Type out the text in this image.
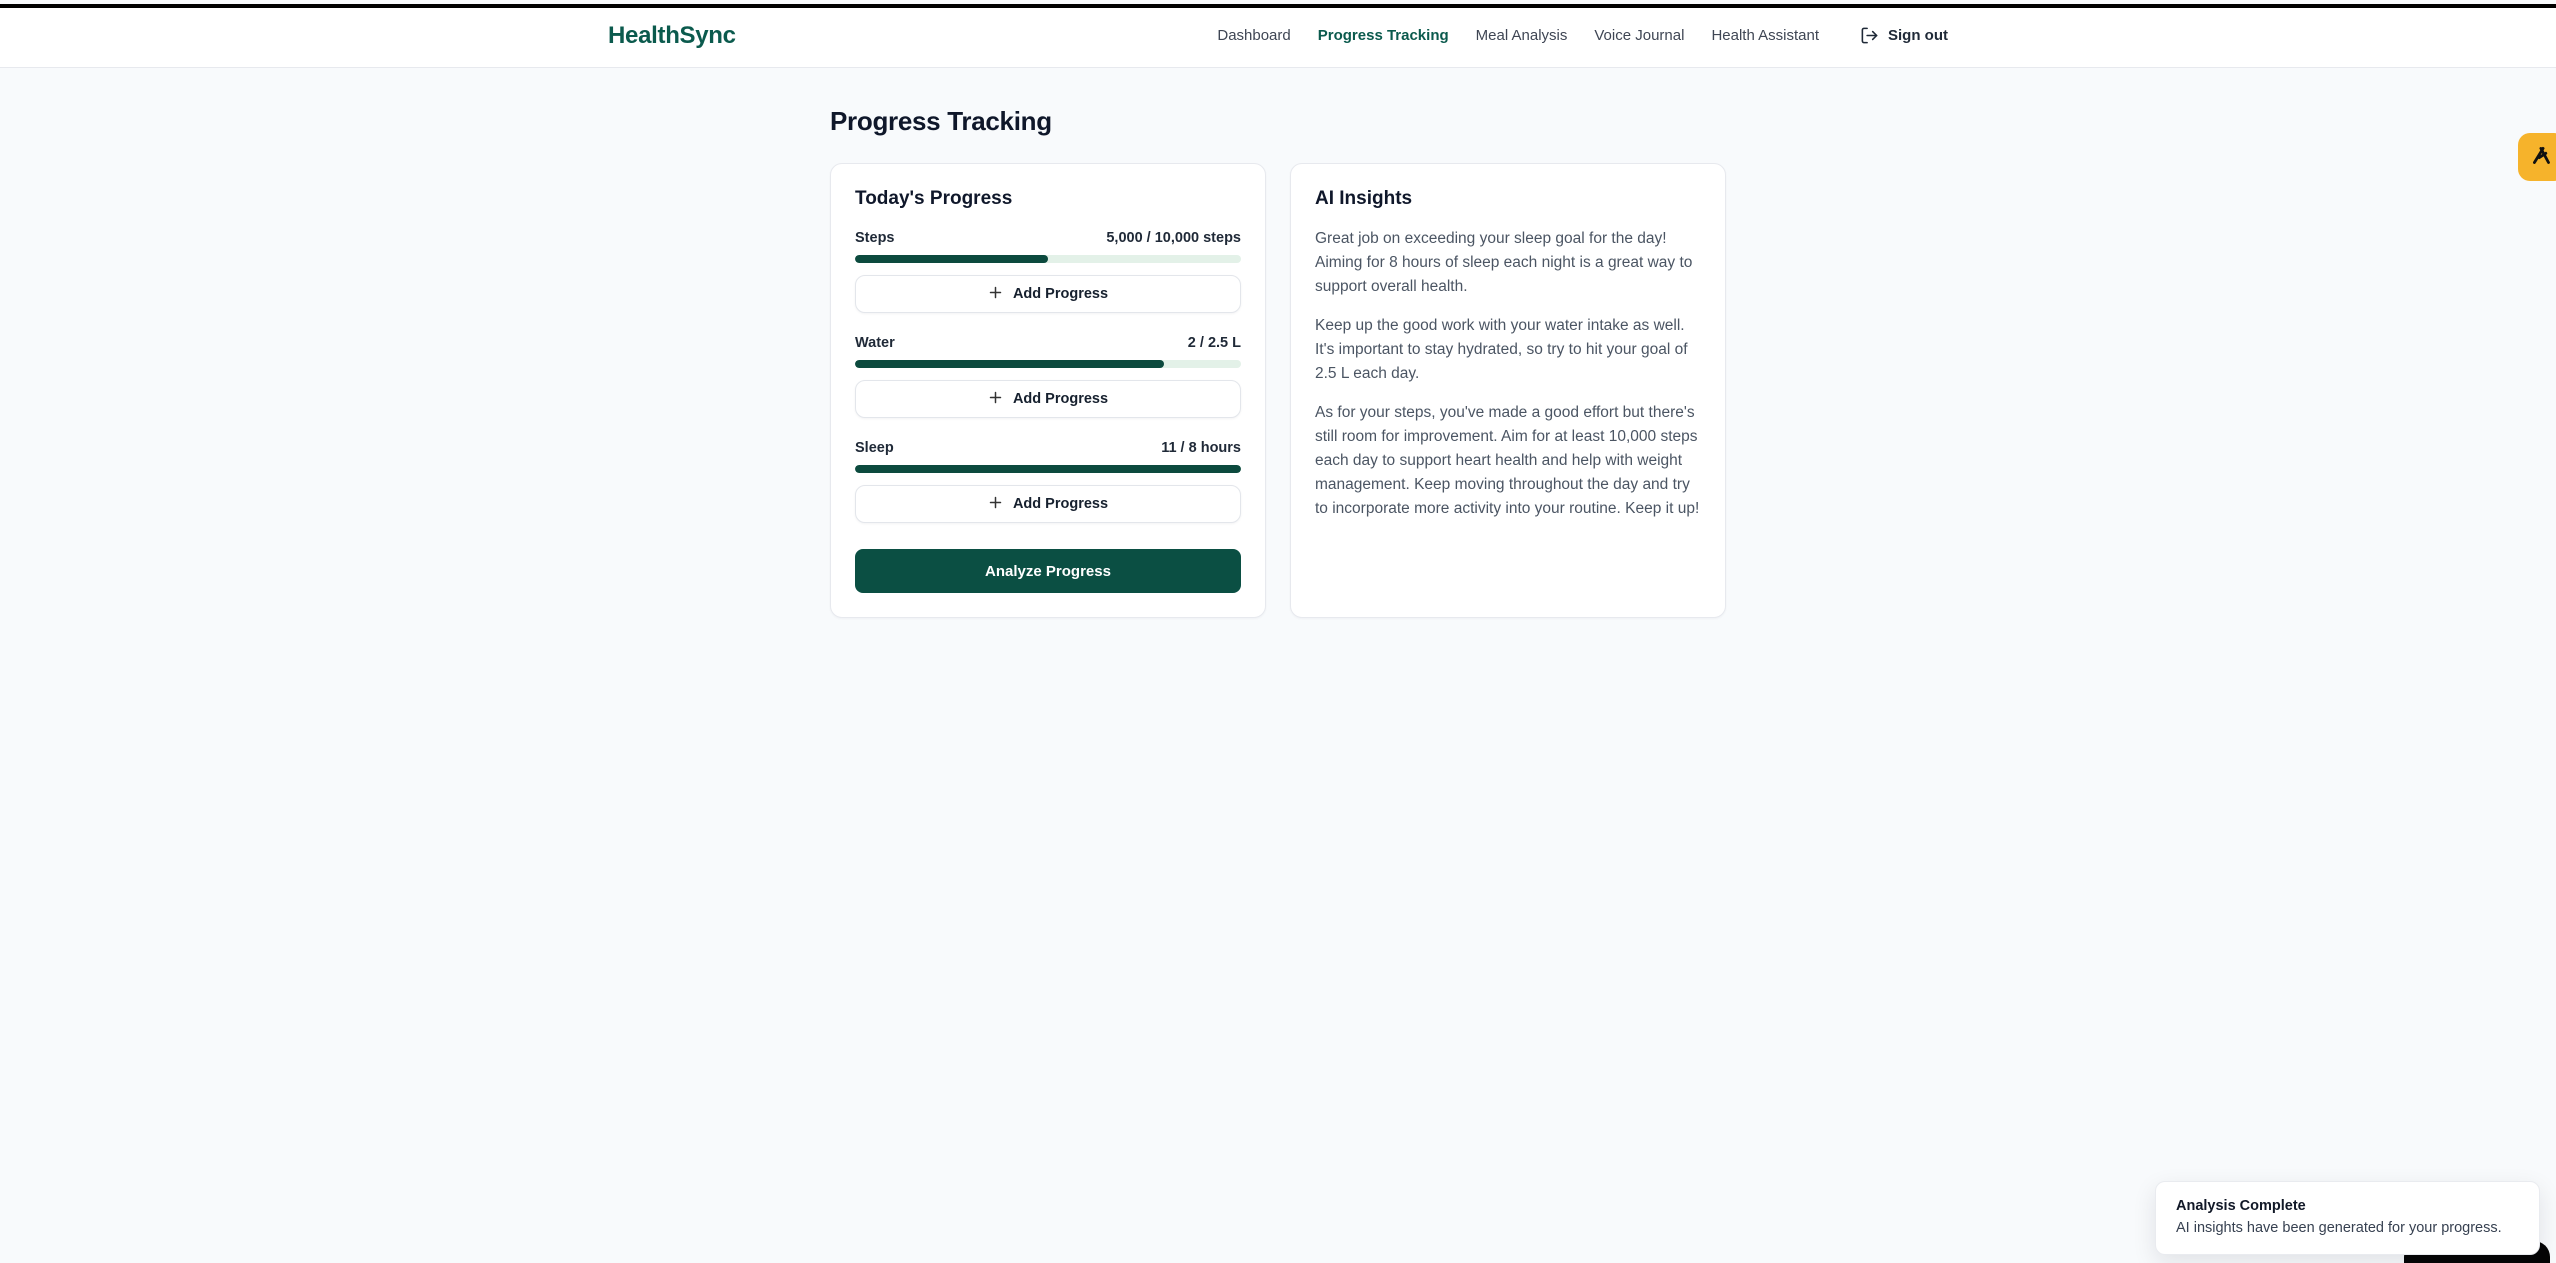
HealthSync	Dashboard Progress Tracking Meal Analysis Voice Journal Health Assistant	Sign out
Progress Tracking
Today's Progress
Steps	5,000 / 10,000 steps
Add Progress
Water	2 / 2.5 L
Add Progress
Sleep	11 / 8 hours
Add Progress
Analyze Progress
AI Insights

Great job on exceeding your sleep goal for the day! Aiming for 8 hours of sleep each night is a great way to support overall health.

Keep up the good work with your water intake as well. It's important to stay hydrated, so try to hit your goal of 2.5 L each day.

As for your steps, you've made a good effort but there's still room for improvement. Aim for at least 10,000 steps each day to support heart health and help with weight management. Keep moving throughout the day and try to incorporate more activity into your routine. Keep it up!

Analysis Complete
AI insights have been generated for your progress.
